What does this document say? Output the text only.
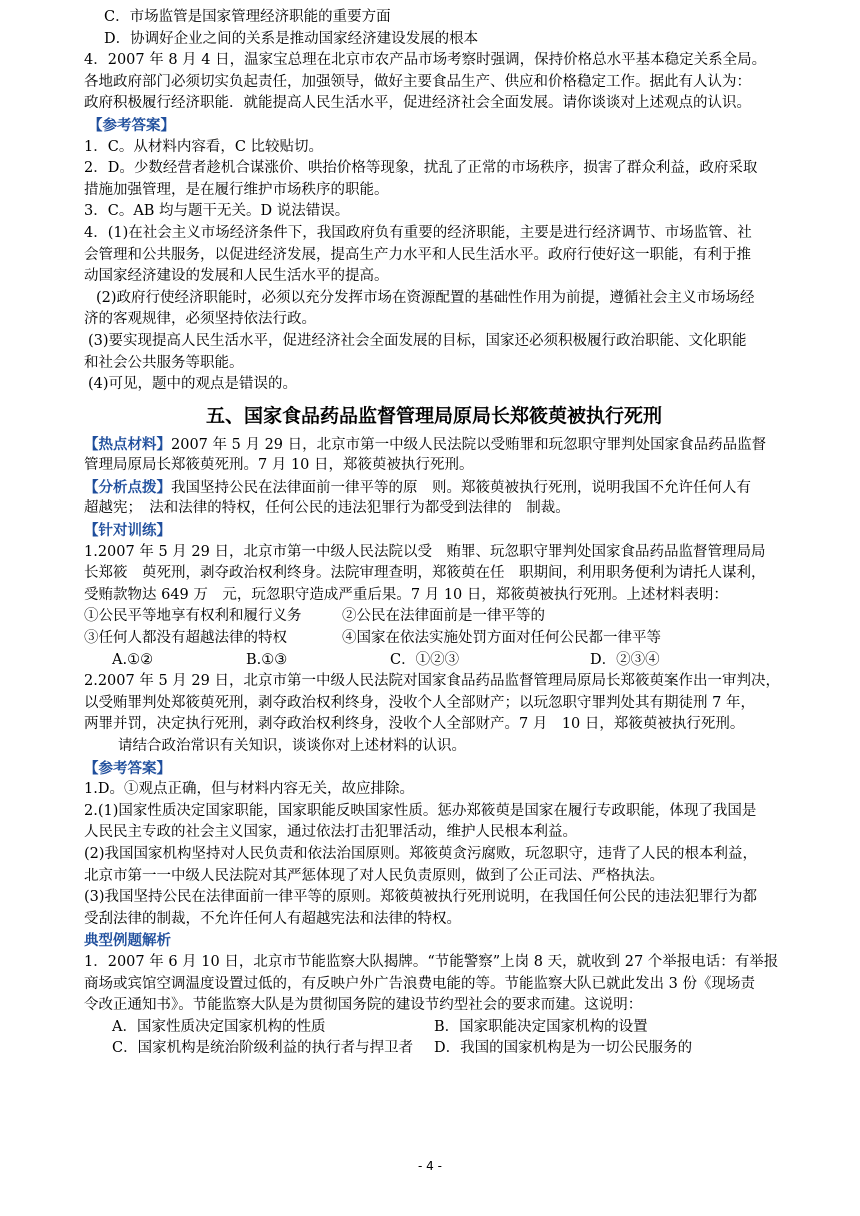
C．市场监管是国家管理经济职能的重要方面
D．协调好企业之间的关系是推动国家经济建设发展的根本
4．2007 年 8 月 4 日，温家宝总理在北京市农产品市场考察时强调，保持价格总水平基本稳定关系全局。
各地政府部门必须切实负起责任，加强领导，做好主要食品生产、供应和价格稳定工作。据此有人认为：
政府积极履行经济职能．就能提高人民生活水平，促进经济社会全面发展。请你谈谈对上述观点的认识。
【参考答案】
1．C。从材料内容看，C 比较贴切。
2．D。少数经营者趁机合谋涨价、哄抬价格等现象，扰乱了正常的市场秩序，损害了群众利益，政府采取
措施加强管理，是在履行维护市场秩序的职能。
3．C。AB 均与题干无关。D 说法错误。
4．(1)在社会主义市场经济条件下，我国政府负有重要的经济职能，主要是进行经济调节、市场监管、社
会管理和公共服务，以促进经济发展，提高生产力水平和人民生活水平。政府行使好这一职能，有利于推
动国家经济建设的发展和人民生活水平的提高。
(2)政府行使经济职能时，必须以充分发挥市场在资源配置的基础性作用为前提，遵循社会主义市场场经
济的客观规律，必须坚持依法行政。
(3)要实现提高人民生活水平，促进经济社会全面发展的目标，国家还必须积极履行政治职能、文化职能
和社会公共服务等职能。
(4)可见，题中的观点是错误的。
五、国家食品药品监督管理局原局长郑筱萸被执行死刑
【热点材料】2007 年 5 月 29 日，北京市第一中级人民法院以受贿罪和玩忽职守罪判处国家食品药品监督
管理局原局长郑筱萸死刑。7 月 10 日，郑筱萸被执行死刑。
【分析点拨】我国坚持公民在法律面前一律平等的原　则。郑筱萸被执行死刑，说明我国不允许任何人有
超越宪；　法和法律的特权，任何公民的违法犯罪行为都受到法律的　制裁。
【针对训练】
1.2007 年 5 月 29 日，北京市第一中级人民法院以受　贿罪、玩忽职守罪判处国家食品药品监督管理局局
长郑筱　萸死刑，剥夺政治权利终身。法院审理查明，郑筱萸在任　职期间，利用职务便利为请托人谋利，
受贿款物达 649 万　元，玩忽职守造成严重后果。7 月 10 日，郑筱萸被执行死刑。上述材料表明：
①公民平等地享有权利和履行义务	②公民在法律面前是一律平等的
③任何人都没有超越法律的特权	④国家在依法实施处罚方面对任何公民都一律平等
A.①②	B.①③	C．①②③	D．②③④
2.2007 年 5 月 29 日，北京市第一中级人民法院对国家食品药品监督管理局原局长郑筱萸案作出一审判决，
以受贿罪判处郑筱萸死刑，剥夺政治权利终身，没收个人全部财产；以玩忽职守罪判处其有期徒刑 7 年，
两罪并罚，决定执行死刑，剥夺政治权利终身，没收个人全部财产。7 月　10 日，郑筱萸被执行死刑。
请结合政治常识有关知识，谈谈你对上述材料的认识。
【参考答案】
1.D。①观点正确，但与材料内容无关，故应排除。
2.(1)国家性质决定国家职能，国家职能反映国家性质。惩办郑筱萸是国家在履行专政职能，体现了我国是
人民民主专政的社会主义国家，通过依法打击犯罪活动，维护人民根本利益。
(2)我国国家机构坚持对人民负责和依法治国原则。郑筱萸贪污腐败，玩忽职守，违背了人民的根本利益，
北京市第一一中级人民法院对其严惩体现了对人民负责原则，做到了公正司法、严格执法。
(3)我国坚持公民在法律面前一律平等的原则。郑筱萸被执行死刑说明，在我国任何公民的违法犯罪行为都
受刮法律的制裁，不允许任何人有超越宪法和法律的特权。
典型例题解析
1．2007 年 6 月 10 日，北京市节能监察大队揭牌。“节能警察”上岗 8 天，就收到 27 个举报电话：有举报
商场或宾馆空调温度设置过低的，有反映户外广告浪费电能的等。节能监察大队已就此发出 3 份《现场责
令改正通知书》。节能监察大队是为贯彻国务院的建设节约型社会的要求而建。这说明：
A．国家性质决定国家机构的性质	B．国家职能决定国家机构的设置
C．国家机构是统治阶级利益的执行者与捍卫者	D．我国的国家机构是为一切公民服务的
- 4 -
